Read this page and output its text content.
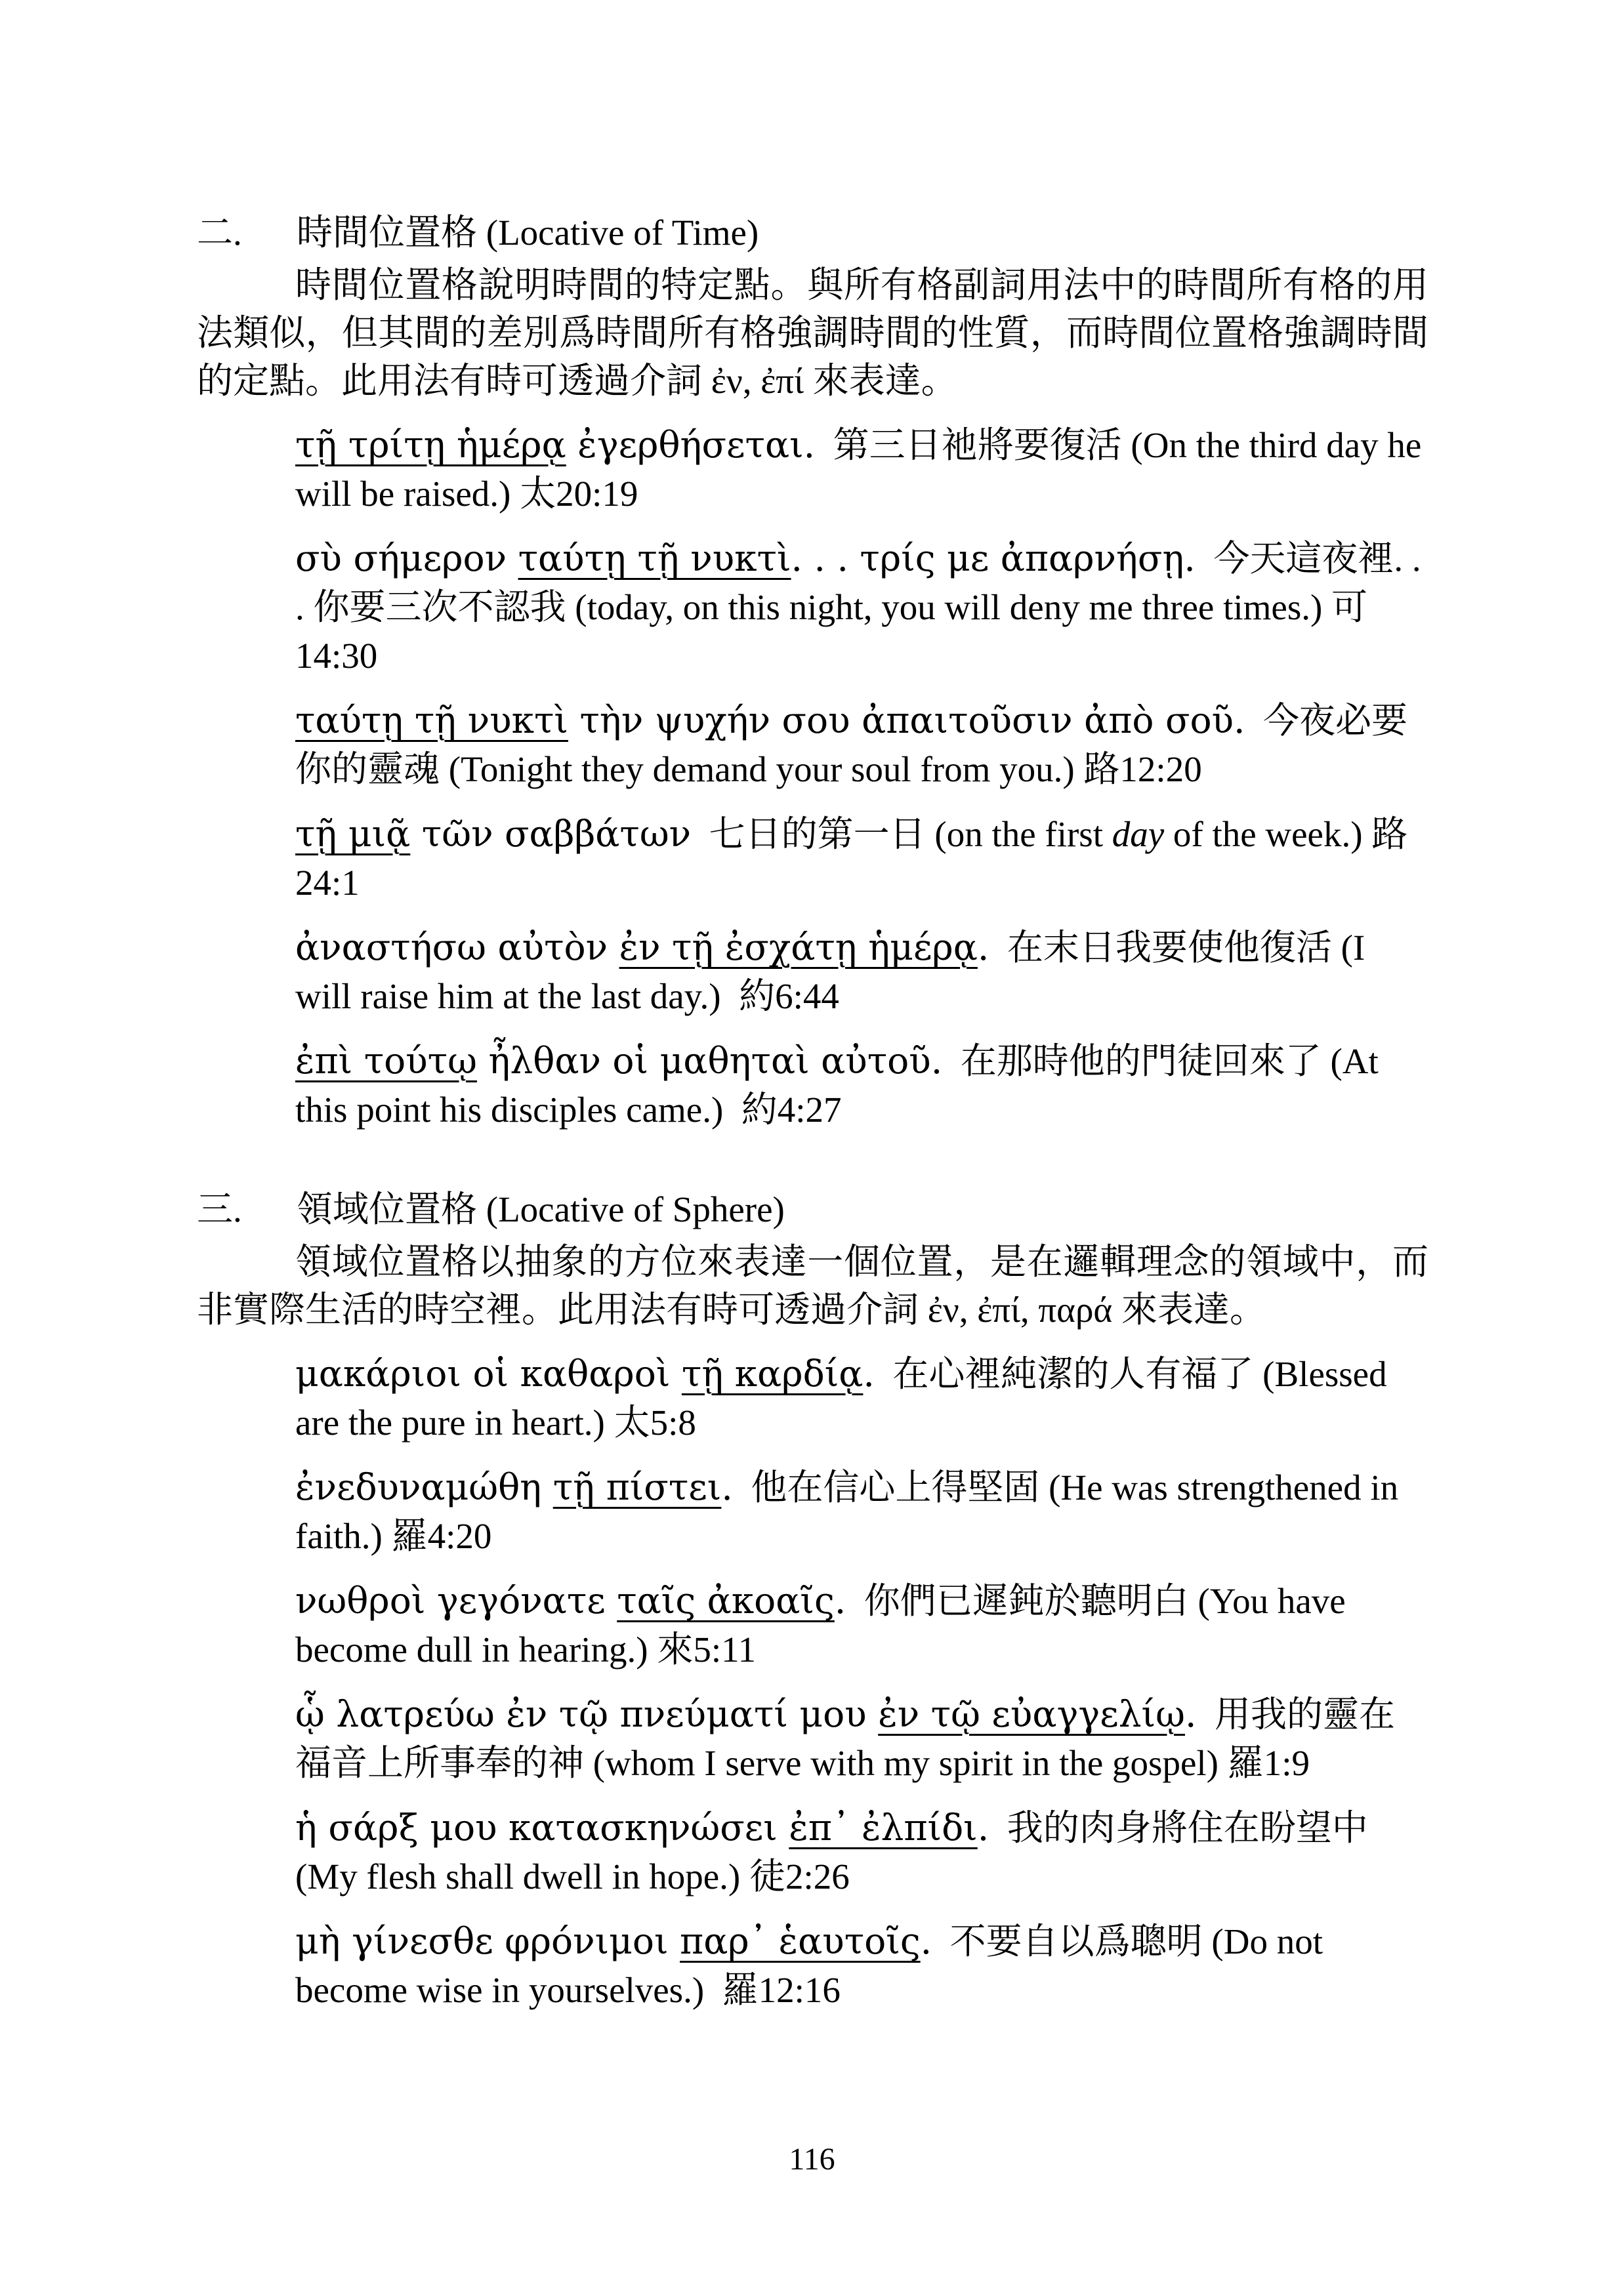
二. 時間位置格 (Locative of Time)

時間位置格說明時間的特定點。與所有格副詞用法中的時間所有格的用法類似，但其間的差別爲時間所有格強調時間的性質，而時間位置格強調時間的定點。此用法有時可透過介詞 ἐν, ἐπί 來表達。

τῇ τρίτῃ ἡμέρᾳ ἐγερθήσεται. 第三日祂將要復活 (On the third day he will be raised.) 太20:19

σὺ σήμερον ταύτῃ τῇ νυκτὶ. . . τρίς με ἀπαρνήσῃ. 今天這夜裡. . . 你要三次不認我 (today, on this night, you will deny me three times.) 可14:30

ταύτῃ τῇ νυκτὶ τὴν ψυχήν σου ἀπαιτοῦσιν ἀπὸ σοῦ. 今夜必要你的靈魂 (Tonight they demand your soul from you.) 路12:20

τῇ μιᾷ τῶν σαββάτων 七日的第一日 (on the first day of the week.) 路24:1

ἀναστήσω αὐτὸν ἐν τῇ ἐσχάτῃ ἡμέρᾳ. 在末日我要使他復活 (I will raise him at the last day.) 約6:44

ἐπὶ τούτῳ ἦλθαν οἱ μαθηταὶ αὐτοῦ. 在那時他的門徒回來了 (At this point his disciples came.) 約4:27

三. 領域位置格 (Locative of Sphere)

領域位置格以抽象的方位來表達一個位置，是在邏輯理念的領域中，而非實際生活的時空裡。此用法有時可透過介詞 ἐν, ἐπί, παρά 來表達。

μακάριοι οἱ καθαροὶ τῇ καρδίᾳ. 在心裡純潔的人有福了 (Blessed are the pure in heart.) 太5:8

ἐνεδυναμώθη τῇ πίστει. 他在信心上得堅固 (He was strengthened in faith.) 羅4:20

νωθροὶ γεγόνατε ταῖς ἀκοαῖς. 你們已遲鈍於聽明白 (You have become dull in hearing.) 來5:11

ᾧ λατρεύω ἐν τῷ πνεύματί μου ἐν τῷ εὐαγγελίῳ. 用我的靈在福音上所事奉的神 (whom I serve with my spirit in the gospel) 羅1:9

ἡ σάρξ μου κατασκηνώσει ἐπ᾽ ἐλπίδι. 我的肉身將住在盼望中 (My flesh shall dwell in hope.) 徒2:26

μὴ γίνεσθε φρόνιμοι παρ᾽ ἑαυτοῖς. 不要自以爲聰明 (Do not become wise in yourselves.) 羅12:16

116
